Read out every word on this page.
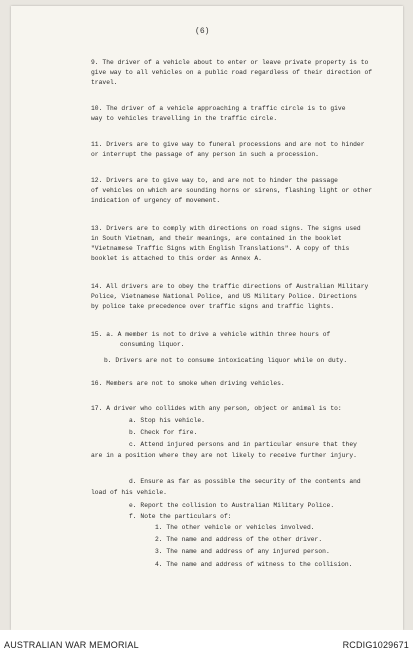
(6)
9. The driver of a vehicle about to enter or leave private property is to
give way to all vehicles on a public road regardless of their direction of
travel.
10. The driver of a vehicle approaching a traffic circle is to give
way to vehicles travelling in the traffic circle.
11. Drivers are to give way to funeral processions and are not to hinder
or interrupt the passage of any person in such a procession.
12. Drivers are to give way to, and are not to hinder the passage
of vehicles on which are sounding horns or sirens, flashing light or other
indication of urgency of movement.
13. Drivers are to comply with directions on road signs. The signs used
in South Vietnam, and their meanings, are contained in the booklet
"Vietnamese Traffic Signs with English Translations". A copy of this
booklet is attached to this order as Annex A.
14. All drivers are to obey the traffic directions of Australian Military
Police, Vietnamese National Police, and US Military Police. Directions
by police take precedence over traffic signs and traffic lights.
15. a. A member is not to drive a vehicle within three hours of
consuming liquor.
b. Drivers are not to consume intoxicating liquor while on duty.
16. Members are not to smoke when driving vehicles.
17. A driver who collides with any person, object or animal is to:
a. Stop his vehicle.
b. Check for fire.
c. Attend injured persons and in particular ensure that they
are in a position where they are not likely to receive further injury.
d. Ensure as far as possible the security of the contents and
load of his vehicle.
e. Report the collision to Australian Military Police.
f. Note the particulars of:
1. The other vehicle or vehicles involved.
2. The name and address of the other driver.
3. The name and address of any injured person.
4. The name and address of witness to the collision.
AUSTRALIAN WAR MEMORIAL	RCDIG1029671
